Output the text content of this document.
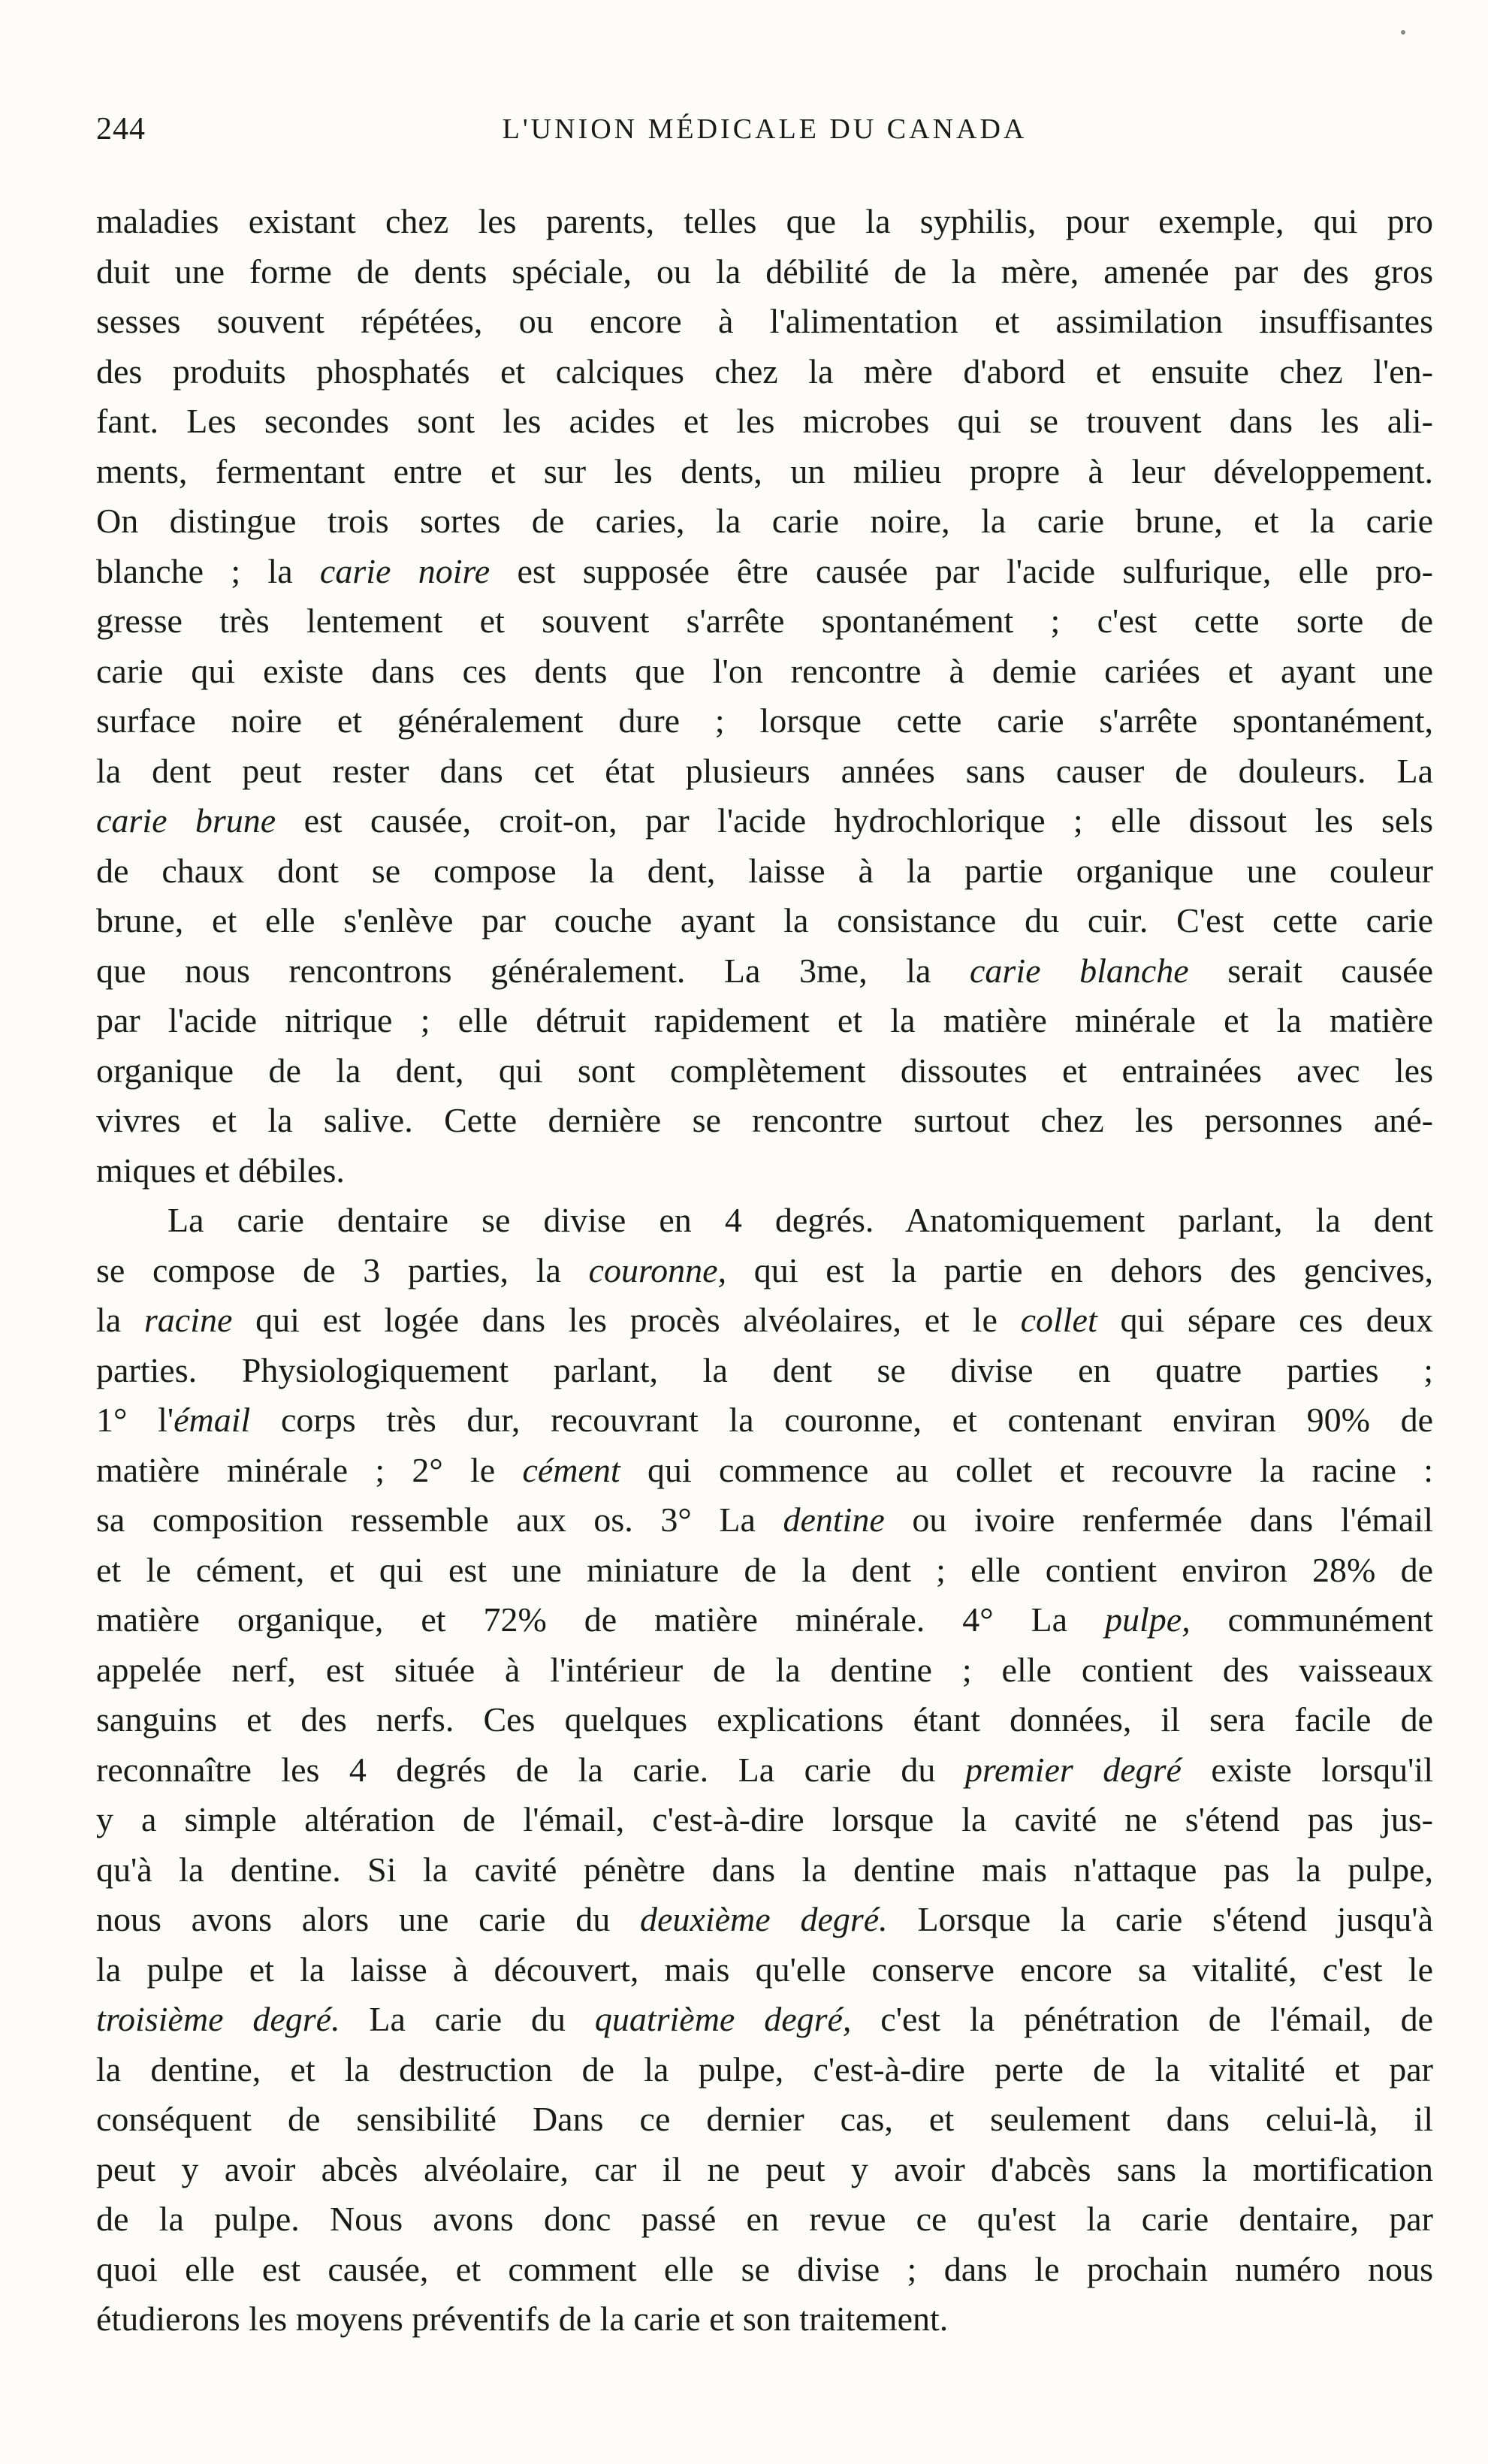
244	L'UNION MÉDICALE DU CANADA
maladies existant chez les parents, telles que la syphilis, pour exemple, qui pro
duit une forme de dents spéciale, ou la débilité de la mère, amenée par des gros
sesses souvent répétées, ou encore à l'alimentation et assimilation insuffisantes
des produits phosphatés et calciques chez la mère d'abord et ensuite chez l'en-
fant. Les secondes sont les acides et les microbes qui se trouvent dans les ali-
ments, fermentant entre et sur les dents, un milieu propre à leur développement.
On distingue trois sortes de caries, la carie noire, la carie brune, et la carie
blanche ; la carie noire est supposée être causée par l'acide sulfurique, elle pro-
gresse très lentement et souvent s'arrête spontanément ; c'est cette sorte de
carie qui existe dans ces dents que l'on rencontre à demie cariées et ayant une
surface noire et généralement dure ; lorsque cette carie s'arrête spontanément,
la dent peut rester dans cet état plusieurs années sans causer de douleurs. La
carie brune est causée, croit-on, par l'acide hydrochlorique ; elle dissout les sels
de chaux dont se compose la dent, laisse à la partie organique une couleur
brune, et elle s'enlève par couche ayant la consistance du cuir. C'est cette carie
que nous rencontrons généralement. La 3me, la carie blanche serait causée
par l'acide nitrique ; elle détruit rapidement et la matière minérale et la matière
organique de la dent, qui sont complètement dissoutes et entrainées avec les
vivres et la salive. Cette dernière se rencontre surtout chez les personnes ané-
miques et débiles.
La carie dentaire se divise en 4 degrés. Anatomiquement parlant, la dent
se compose de 3 parties, la couronne, qui est la partie en dehors des gencives,
la racine qui est logée dans les procès alvéolaires, et le collet qui sépare ces deux
parties. Physiologiquement parlant, la dent se divise en quatre parties ;
1° l'émail corps très dur, recouvrant la couronne, et contenant enviran 90% de
matière minérale ; 2° le cément qui commence au collet et recouvre la racine :
sa composition ressemble aux os. 3° La dentine ou ivoire renfermée dans l'émail
et le cément, et qui est une miniature de la dent ; elle contient environ 28% de
matière organique, et 72% de matière minérale. 4° La pulpe, communément
appelée nerf, est située à l'intérieur de la dentine ; elle contient des vaisseaux
sanguins et des nerfs. Ces quelques explications étant données, il sera facile de
reconnaître les 4 degrés de la carie. La carie du premier degré existe lorsqu'il
y a simple altération de l'émail, c'est-à-dire lorsque la cavité ne s'étend pas jus-
qu'à la dentine. Si la cavité pénètre dans la dentine mais n'attaque pas la pulpe,
nous avons alors une carie du deuxième degré. Lorsque la carie s'étend jusqu'à
la pulpe et la laisse à découvert, mais qu'elle conserve encore sa vitalité, c'est le
troisième degré. La carie du quatrième degré, c'est la pénétration de l'émail, de
la dentine, et la destruction de la pulpe, c'est-à-dire perte de la vitalité et par
conséquent de sensibilité Dans ce dernier cas, et seulement dans celui-là, il
peut y avoir abcès alvéolaire, car il ne peut y avoir d'abcès sans la mortification
de la pulpe. Nous avons donc passé en revue ce qu'est la carie dentaire, par
quoi elle est causée, et comment elle se divise ; dans le prochain numéro nous
étudierons les moyens préventifs de la carie et son traitement.
